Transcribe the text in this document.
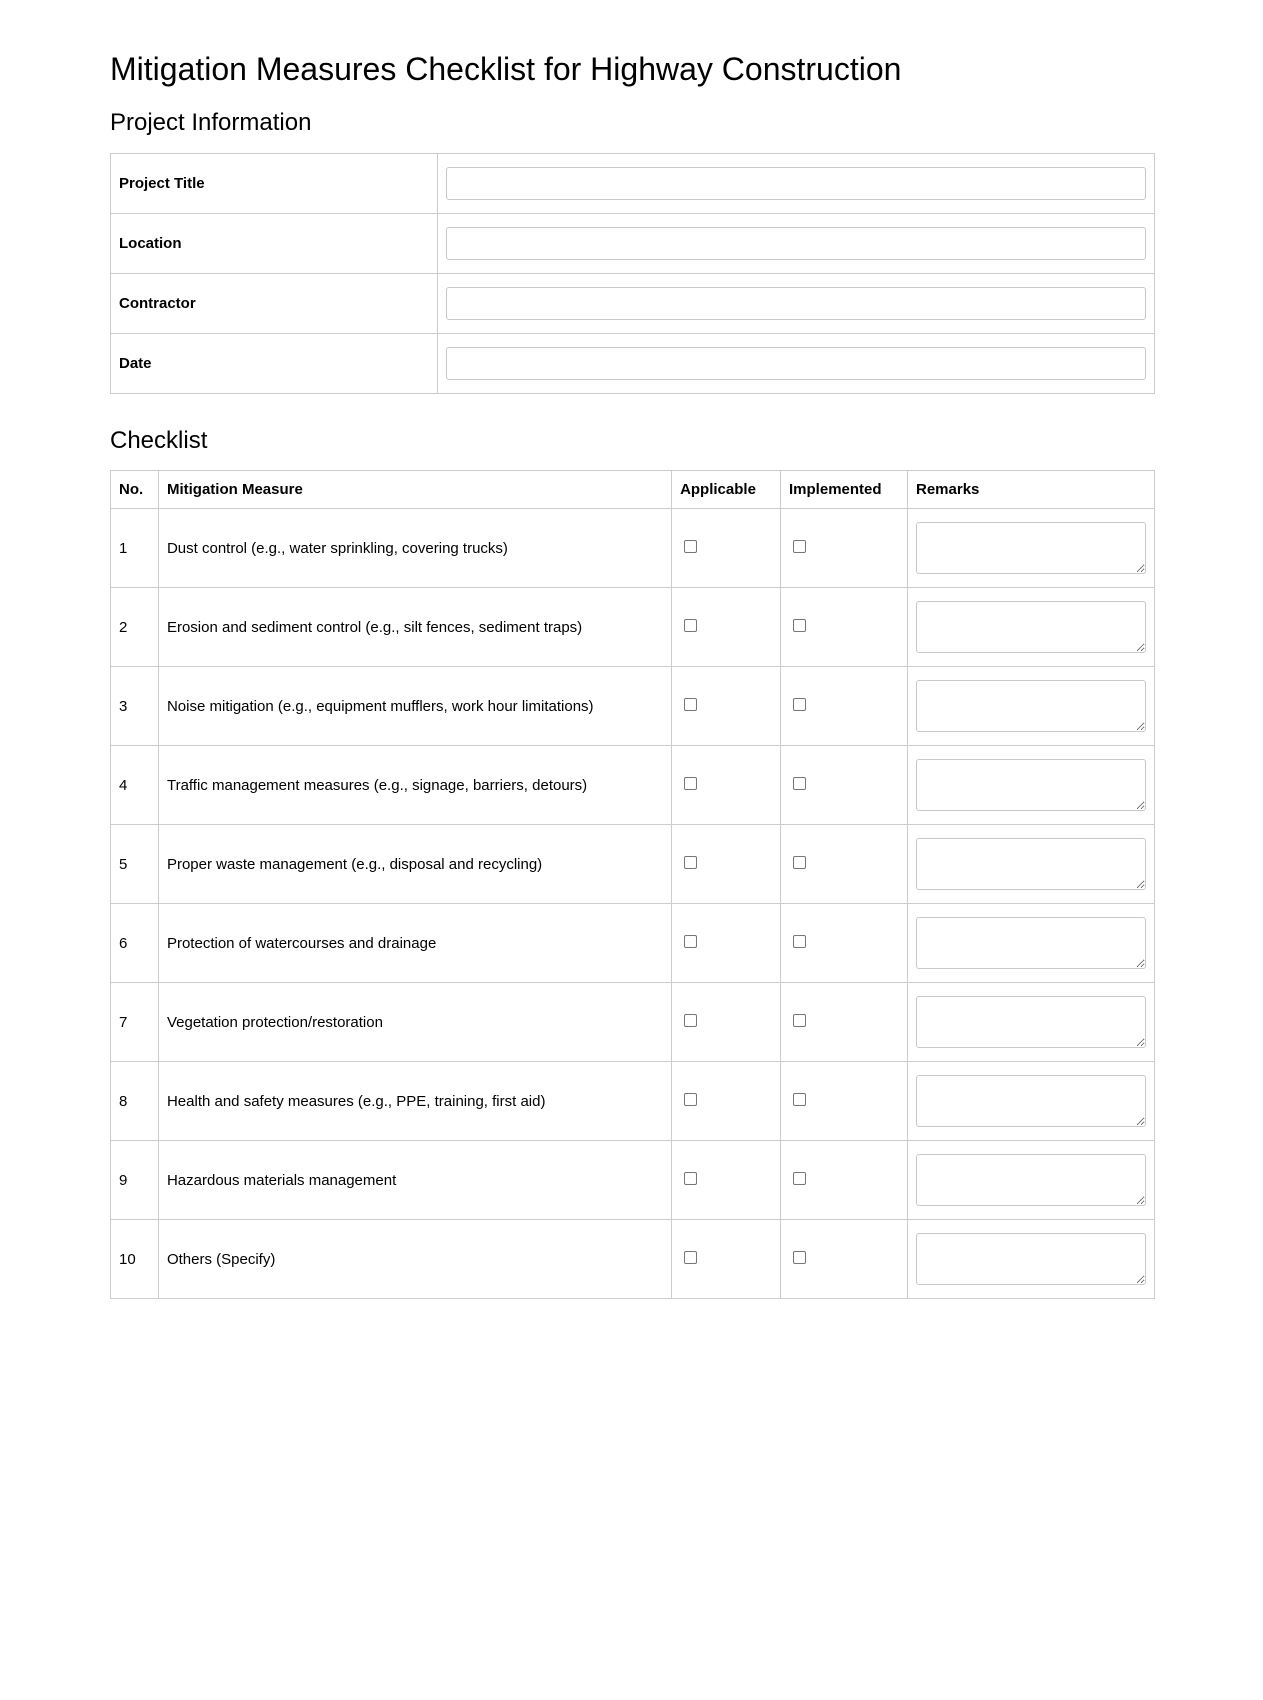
Mitigation Measures Checklist for Highway Construction
Project Information
Project Title	
Location	
Contractor	
Date	
Checklist
No.	Mitigation Measure	Applicable	Implemented	Remarks
1	Dust control (e.g., water sprinkling, covering trucks)			

2	Erosion and sediment control (e.g., silt fences, sediment traps)			

3	Noise mitigation (e.g., equipment mufflers, work hour limitations)			

4	Traffic management measures (e.g., signage, barriers, detours)			

5	Proper waste management (e.g., disposal and recycling)			

6	Protection of watercourses and drainage			

7	Vegetation protection/restoration			

8	Health and safety measures (e.g., PPE, training, first aid)			

9	Hazardous materials management			

10	Others (Specify)			
